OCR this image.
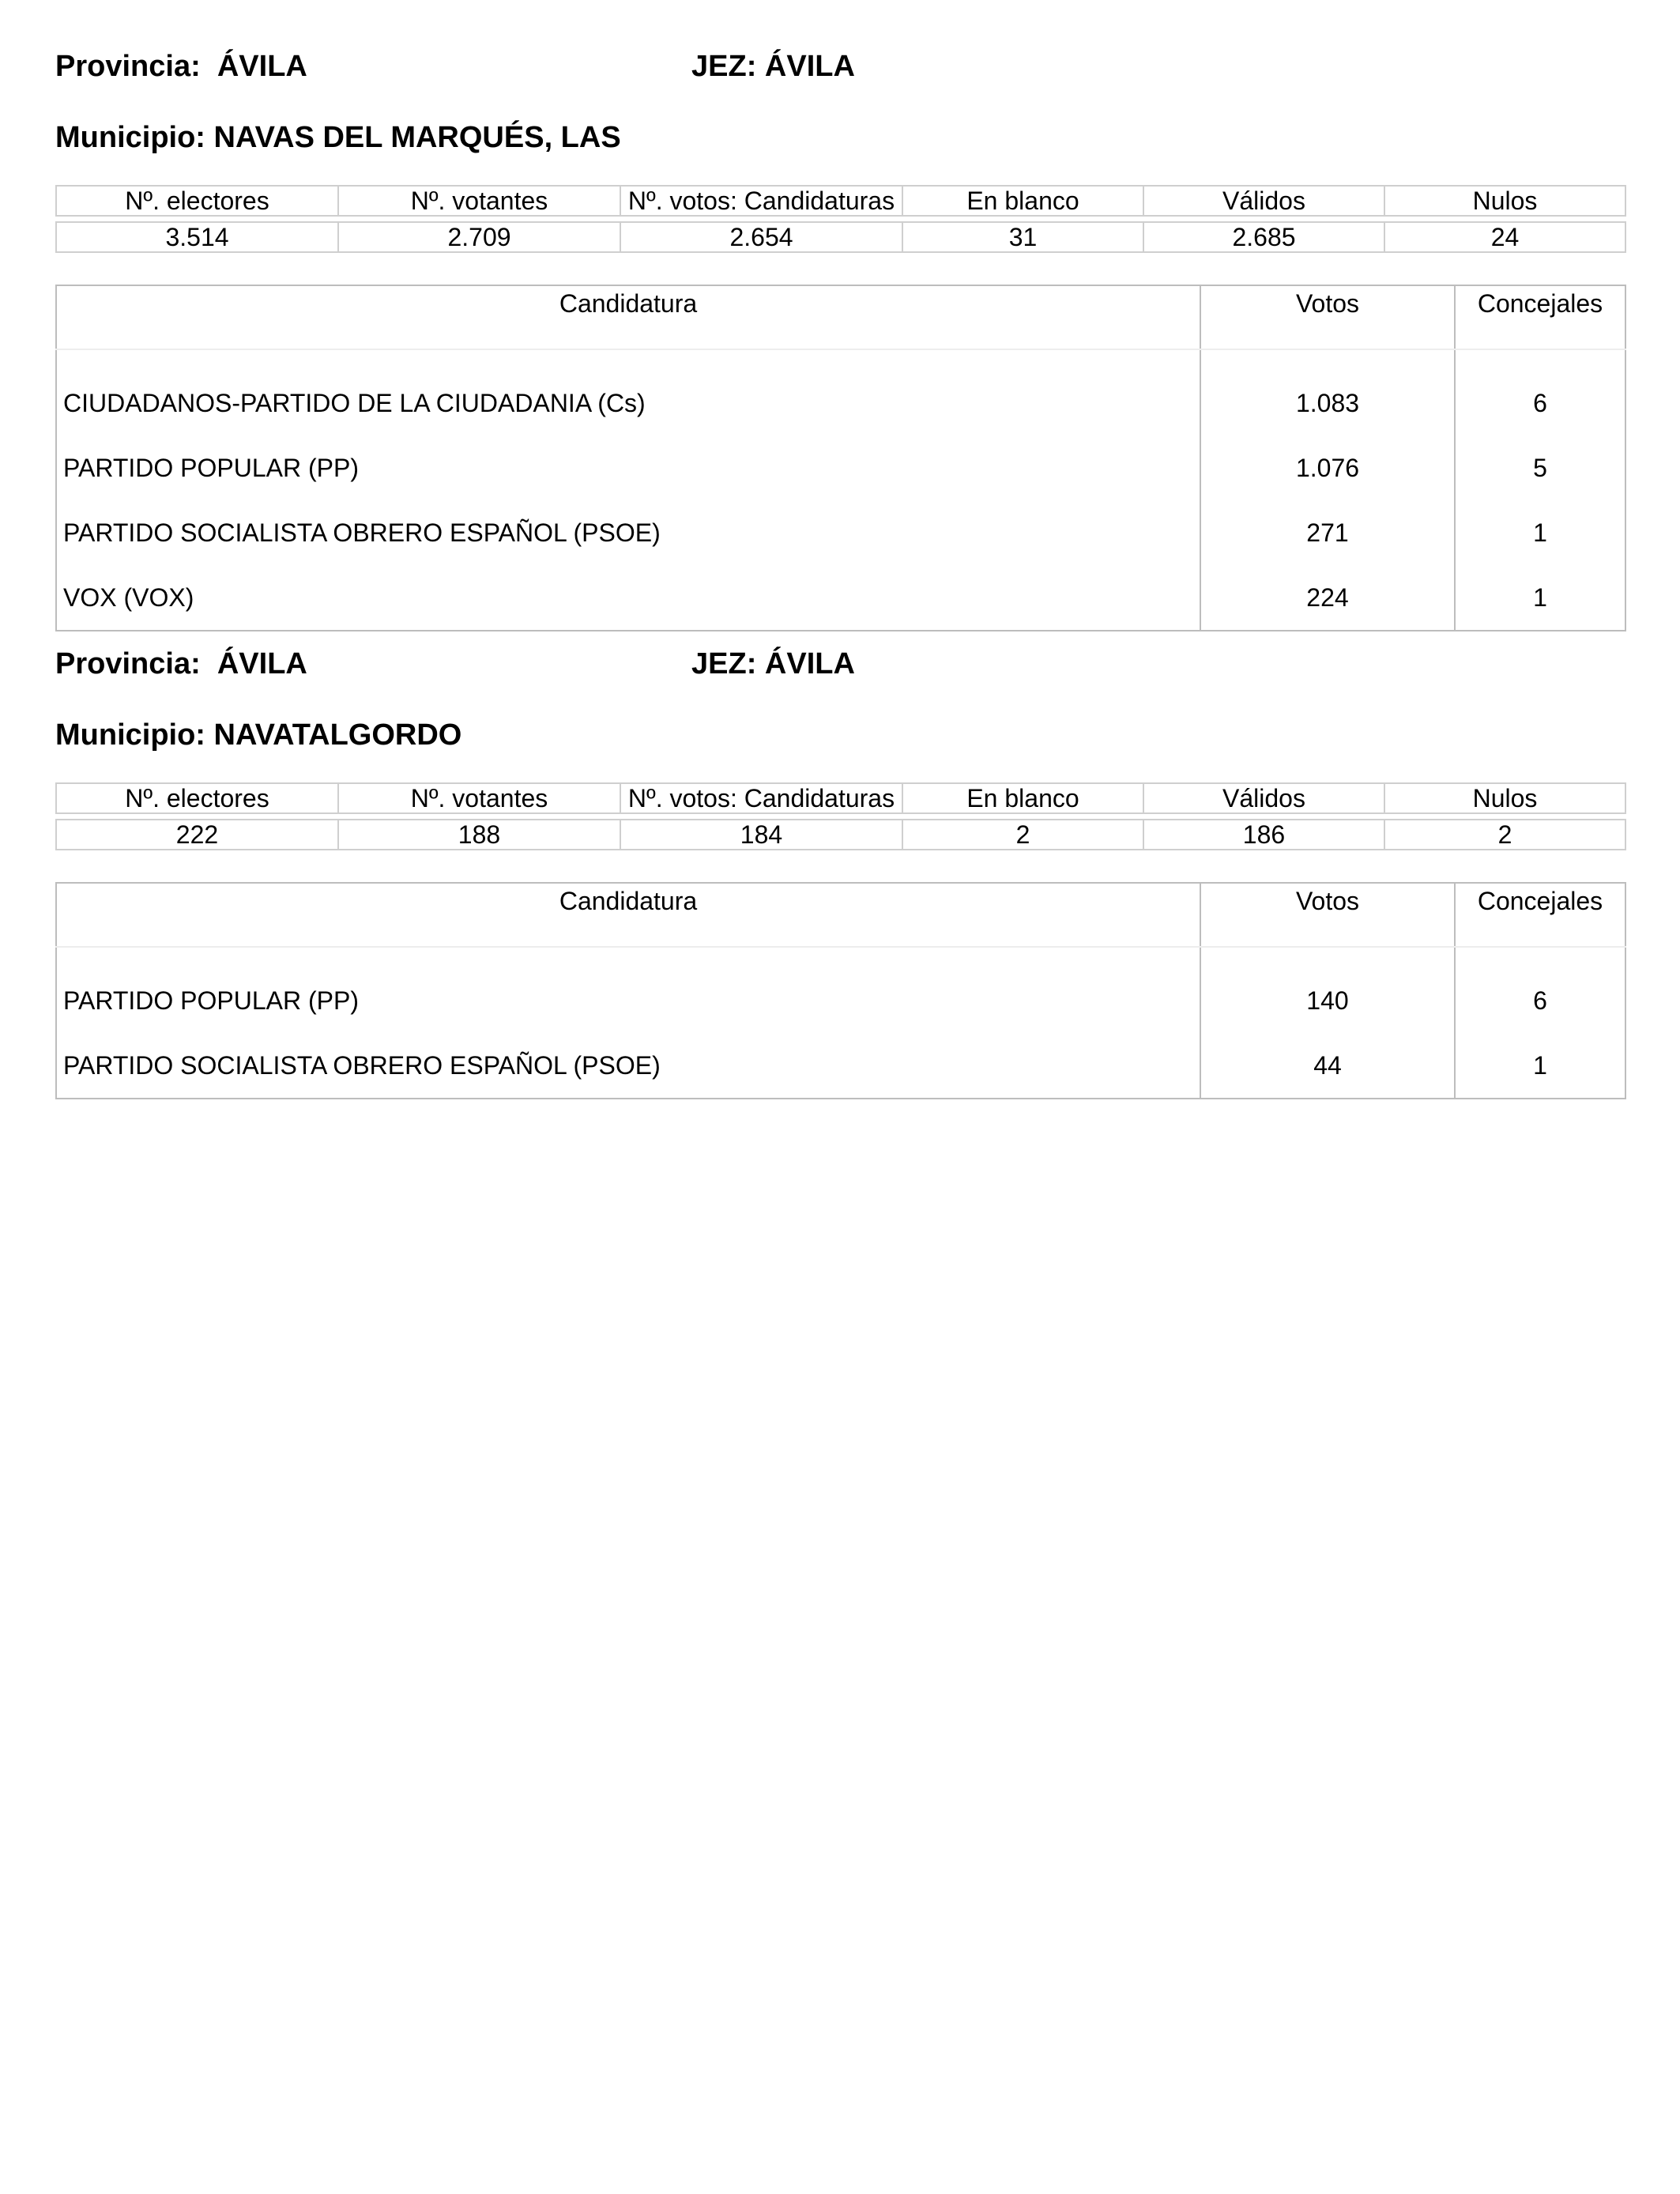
Provincia: ÁVILA	JEZ: ÁVILA
Municipio: NAVAS DEL MARQUÉS, LAS
Nº. electores	Nº. votantes	Nº. votos: Candidaturas	En blanco	Válidos	Nulos

3.514	2.709	2.654	31	2.685	24
Candidatura	Votos	Concejales

CIUDADANOS-PARTIDO DE LA CIUDADANIA (Cs)	1.083	6
PARTIDO POPULAR (PP)	1.076	5
PARTIDO SOCIALISTA OBRERO ESPAÑOL (PSOE)	271	1
VOX (VOX)	224	1
Provincia: ÁVILA	JEZ: ÁVILA
Municipio: NAVATALGORDO
Nº. electores	Nº. votantes	Nº. votos: Candidaturas	En blanco	Válidos	Nulos

222	188	184	2	186	2
Candidatura	Votos	Concejales

PARTIDO POPULAR (PP)	140	6
PARTIDO SOCIALISTA OBRERO ESPAÑOL (PSOE)	44	1
